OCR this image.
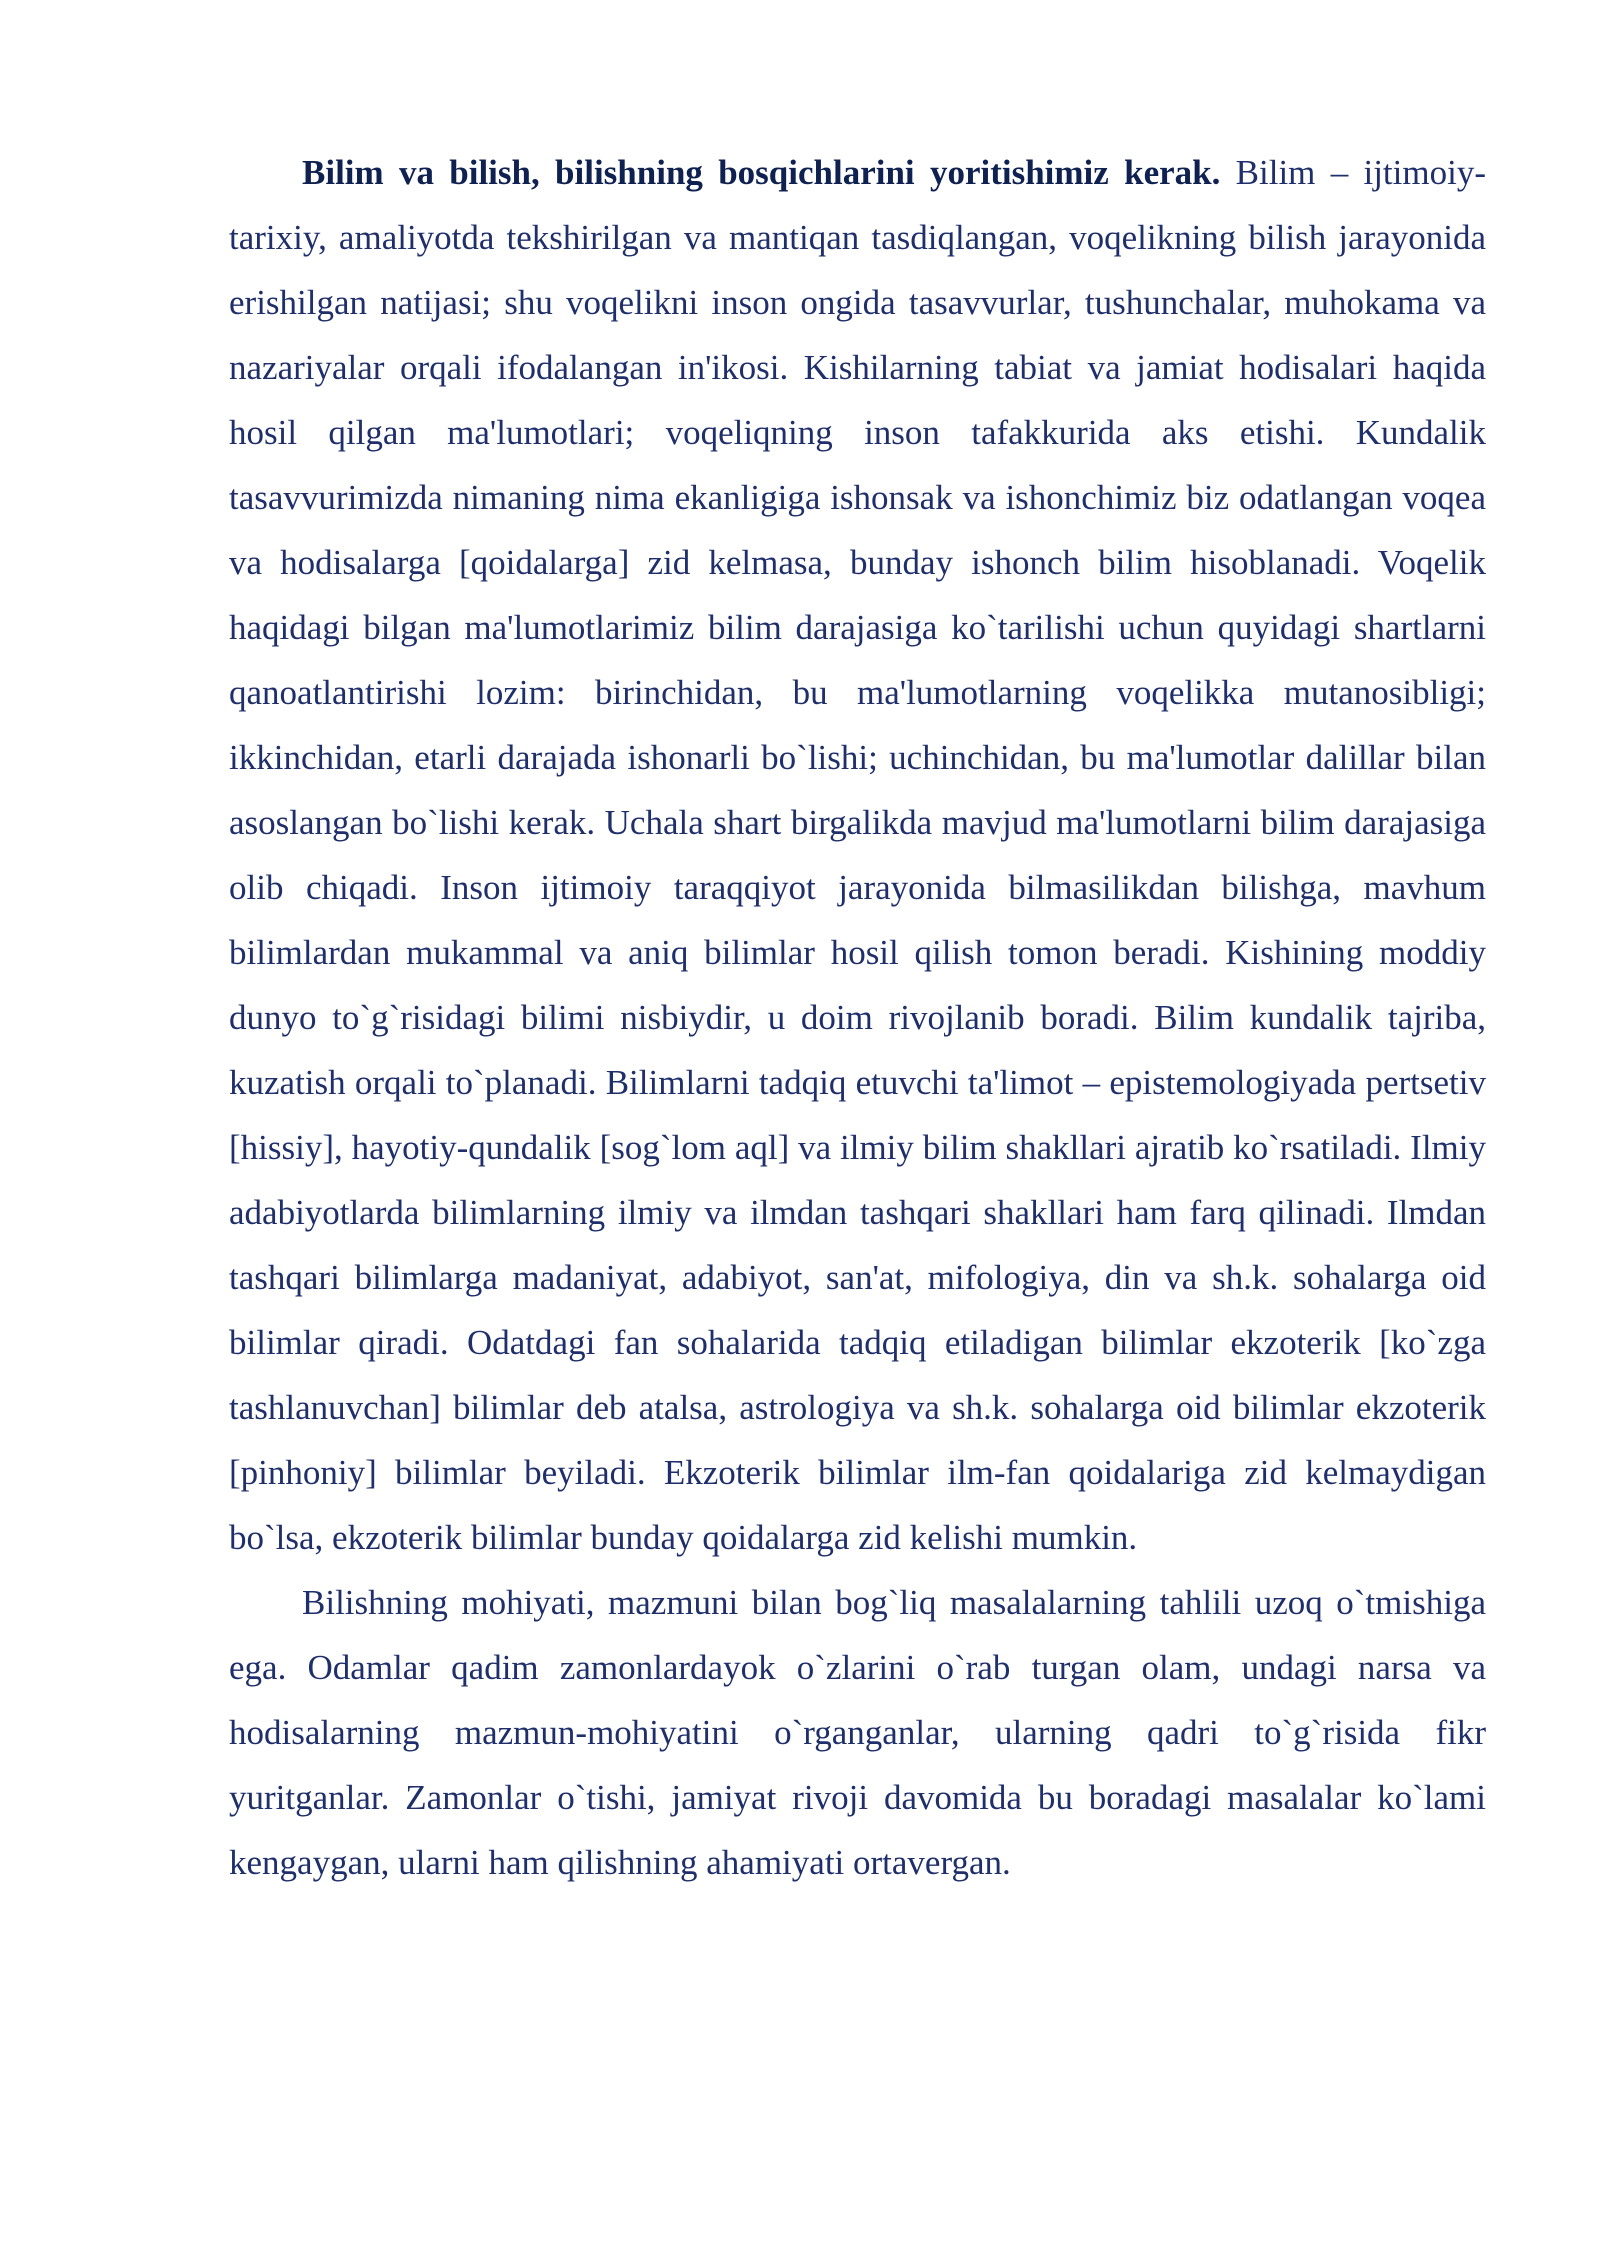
Bilim va bilish, bilishning bosqichlarini yoritishimiz kerak. Bilim – ijtimoiy-tarixiy, amaliyotda tekshirilgan va mantiqan tasdiqlangan, voqelikning bilish jarayonida erishilgan natijasi; shu voqelikni inson ongida tasavvurlar, tushunchalar, muhokama va nazariyalar orqali ifodalangan in'ikosi. Kishilarning tabiat va jamiat hodisalari haqida hosil qilgan ma'lumotlari; voqeliqning inson tafakkurida aks etishi. Kundalik tasavvurimizda nimaning nima ekanligiga ishonsak va ishonchimiz biz odatlangan voqea va hodisalarga [qoidalarga] zid kelmasa, bunday ishonch bilim hisoblanadi. Voqelik haqidagi bilgan ma'lumotlarimiz bilim darajasiga ko`tarilishi uchun quyidagi shartlarni qanoatlantirishi lozim: birinchidan, bu ma'lumotlarning voqelikka mutanosibligi; ikkinchidan, etarli darajada ishonarli bo`lishi; uchinchidan, bu ma'lumotlar dalillar bilan asoslangan bo`lishi kerak. Uchala shart birgalikda mavjud ma'lumotlarni bilim darajasiga olib chiqadi. Inson ijtimoiy taraqqiyot jarayonida bilmasilikdan bilishga, mavhum bilimlardan mukammal va aniq bilimlar hosil qilish tomon beradi. Kishining moddiy dunyo to`g`risidagi bilimi nisbiydir, u doim rivojlanib boradi. Bilim kundalik tajriba, kuzatish orqali to`planadi. Bilimlarni tadqiq etuvchi ta'limot – epistemologiyada pertsetiv [hissiy], hayotiy-qundalik [sog`lom aql] va ilmiy bilim shakllari ajratib ko`rsatiladi. Ilmiy adabiyotlarda bilimlarning ilmiy va ilmdan tashqari shakllari ham farq qilinadi. Ilmdan tashqari bilimlarga madaniyat, adabiyot, san'at, mifologiya, din va sh.k. sohalarga oid bilimlar qiradi. Odatdagi fan sohalarida tadqiq etiladigan bilimlar ekzoterik [ko`zga tashlanuvchan] bilimlar deb atalsa, astrologiya va sh.k. sohalarga oid bilimlar ekzoterik [pinhoniy] bilimlar beyiladi. Ekzoterik bilimlar ilm-fan qoidalariga zid kelmaydigan bo`lsa, ekzoterik bilimlar bunday qoidalarga zid kelishi mumkin.

Bilishning mohiyati, mazmuni bilan bog`liq masalalarning tahlili uzoq o`tmishiga ega. Odamlar qadim zamonlardayok o`zlarini o`rab turgan olam, undagi narsa va hodisalarning mazmun-mohiyatini o`rganganlar, ularning qadri to`g`risida fikr yuritganlar. Zamonlar o`tishi, jamiyat rivoji davomida bu boradagi masalalar ko`lami kengaygan, ularni ham qilishning ahamiyati ortavergan.
